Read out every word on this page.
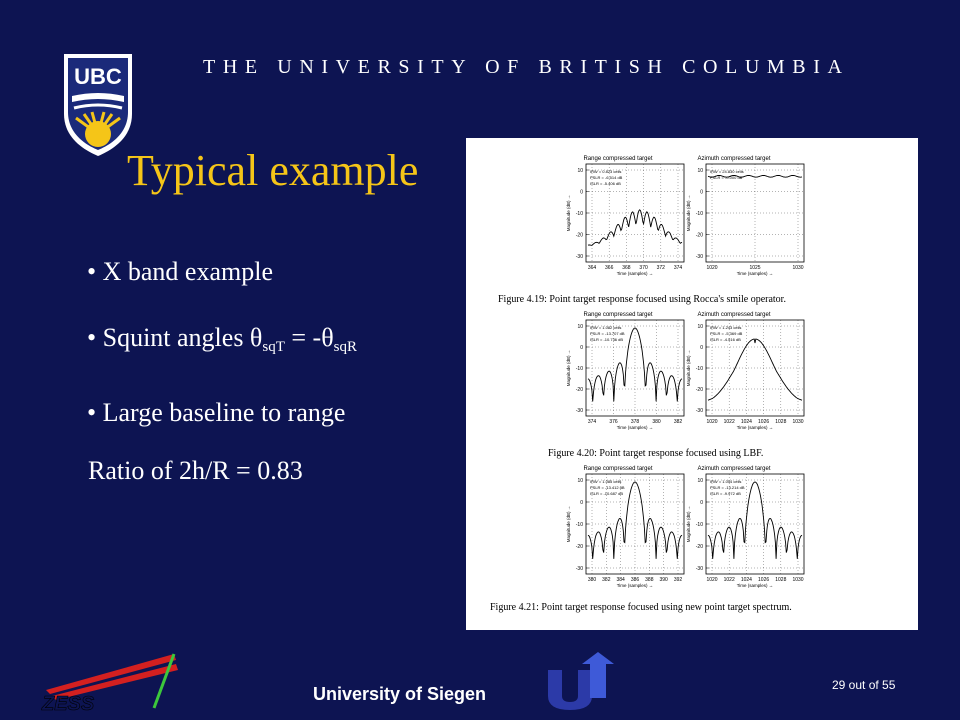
UBC	THE UNIVERSITY OF BRITISH COLUMBIA
Typical example
• X band example
• Squint angles $\theta_{sqT} = -\theta_{sqR}$
• Large baseline to range
Ratio of 2h/R = 0.83
Range compressed target	Azimuth compressed target
Figure 4.19: Point target response focused using Rocca's smile operator.
Range compressed target	Azimuth compressed target
Figure 4.20: Point target response focused using LBF.
Range compressed target	Azimuth compressed target
Figure 4.21: Point target response focused using new point target spectrum.
10
0
-10
-20
-30
364 366 368 370 372 374
Time (samples) →
Magnitude (dB) →
IRW = 0.823 cells
PSLR = -6.514 dB
ISLR = -5.406 dB
10
0
-10
-20
-30
1020	1025	1030
Time (samples) →
Magnitude (dB) →
IRW = 24.830 cells
PSLR = -0.000 dB
10
0
-10
-20
-30
374	376	378	380	382
Time (samples) →
Magnitude (dB) →
IRW = 1.082 cells
PSLR = -13.707 dB
ISLR = -10.736 dB
10
0
-10
-20
-30
1020 1022 1024 1026 1028 1030
Time (samples) →
Magnitude (dB) →
IRW = 1.243 cells
PSLR = -5.369 dB
ISLR = -4.516 dB
10
0
-10
-20
-30
380 382 384 386 388 390 392
Time (samples) →
Magnitude (dB) →
IRW = 1.085 cells
PSLR = -13.412 dB
ISLR = -10.687 dB
10
0
-10
-20
-30
1020 1022 1024 1026 1028 1030
Time (samples) →
Magnitude (dB) →
IRW = 1.054 cells
PSLR = -13.214 dB
ISLR = -9.972 dB
ZESS	University of Siegen	29 out of 55
